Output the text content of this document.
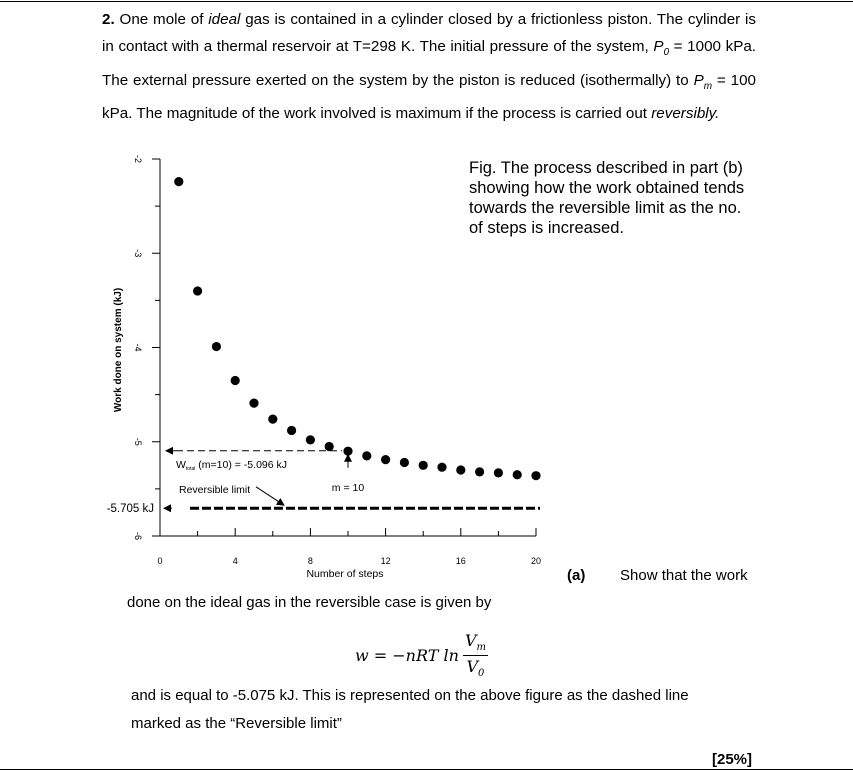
2. One mole of ideal gas is contained in a cylinder closed by a frictionless piston. The cylinder is in contact with a thermal reservoir at T=298 K. The initial pressure of the system, $P_0 = 1000$ kPa. The external pressure exerted on the system by the piston is reduced (isothermally) to $P_m = 100$ kPa. The magnitude of the work involved is maximum if the process is carried out reversibly.

-2
-3
-4
-5
-6
0	4	8	12	16	20
-5.705 kJ
Wtotal (m=10) = -5.096 kJ
m = 10
Reversible limit
Work done on system (kJ)
Number of steps
Fig. The process described in part (b) showing how the work obtained tends towards the reversible limit as the no. of steps is increased.
(a) Show that the work
done on the ideal gas in the reversible case is given by
w = −nRT $\ln \frac{V_m}{V_0}$
and is equal to -5.075 kJ. This is represented on the above figure as the dashed line
marked as the “Reversible limit”
[25%]
